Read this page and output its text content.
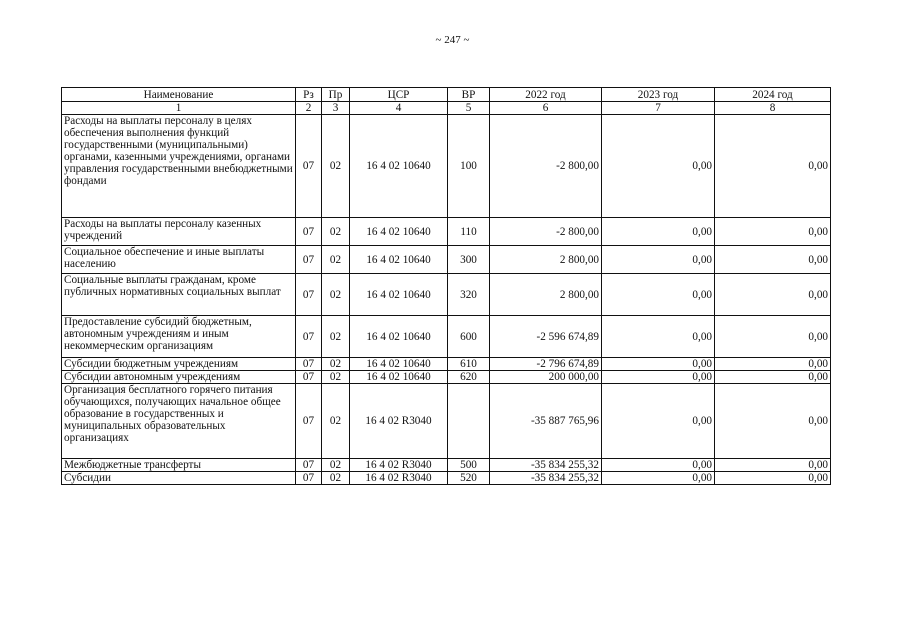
~ 247 ~
Наименование	Рз	Пр	ЦСР	ВР	2022 год	2023 год	2024 год
1	2	3	4	5	6	7	8
Расходы на выплаты персоналу в целях обеспечения выполнения функций государственными (муниципальными) органами, казенными учреждениями, органами управления государственными внебюджетными фондами	07	02	16 4 02 10640	100	-2 800,00	0,00	0,00
Расходы на выплаты персоналу казенных учреждений	07	02	16 4 02 10640	110	-2 800,00	0,00	0,00
Социальное обеспечение и иные выплаты населению	07	02	16 4 02 10640	300	2 800,00	0,00	0,00
Социальные выплаты гражданам, кроме публичных нормативных социальных выплат	07	02	16 4 02 10640	320	2 800,00	0,00	0,00
Предоставление субсидий бюджетным, автономным учреждениям и иным некоммерческим организациям	07	02	16 4 02 10640	600	-2 596 674,89	0,00	0,00
Субсидии бюджетным учреждениям	07	02	16 4 02 10640	610	-2 796 674,89	0,00	0,00
Субсидии автономным учреждениям	07	02	16 4 02 10640	620	200 000,00	0,00	0,00
Организация бесплатного горячего питания обучающихся, получающих начальное общее образование в государственных и муниципальных образовательных организациях	07	02	16 4 02 R3040		-35 887 765,96	0,00	0,00
Межбюджетные трансферты	07	02	16 4 02 R3040	500	-35 834 255,32	0,00	0,00
Субсидии	07	02	16 4 02 R3040	520	-35 834 255,32	0,00	0,00
